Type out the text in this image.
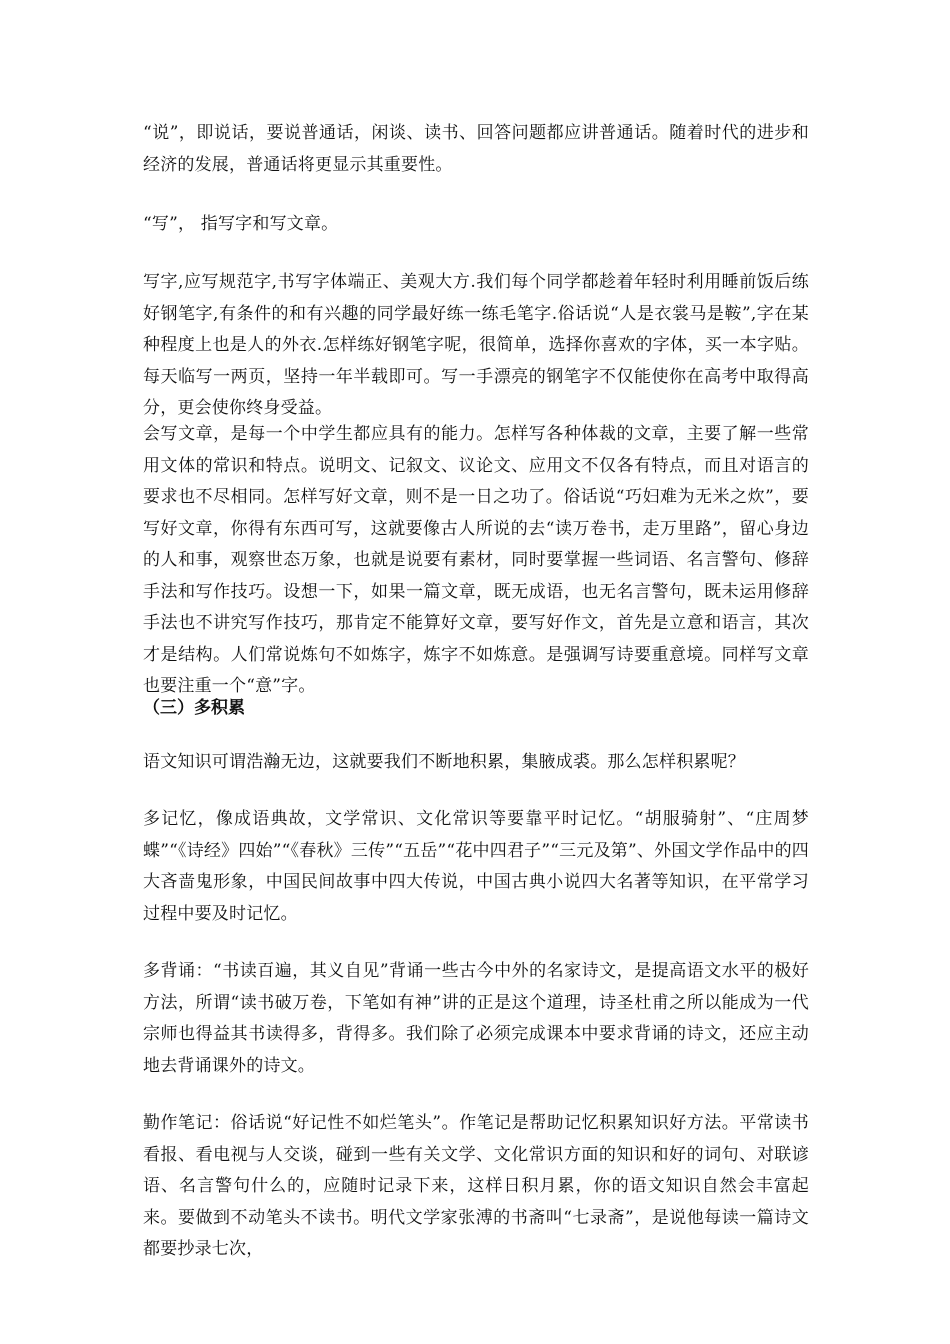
“说”，即说话，要说普通话，闲谈、读书、回答问题都应讲普通话。随着时代的进步和经济的发展，普通话将更显示其重要性。

“写”， 指写字和写文章。

写字,应写规范字,书写字体端正、美观大方.我们每个同学都趁着年轻时利用睡前饭后练好钢笔字,有条件的和有兴趣的同学最好练一练毛笔字.俗话说“人是衣裳马是鞍”,字在某种程度上也是人的外衣.怎样练好钢笔字呢，很简单，选择你喜欢的字体，买一本字贴。每天临写一两页，坚持一年半载即可。写一手漂亮的钢笔字不仅能使你在高考中取得高分，更会使你终身受益。

会写文章，是每一个中学生都应具有的能力。怎样写各种体裁的文章，主要了解一些常用文体的常识和特点。说明文、记叙文、议论文、应用文不仅各有特点，而且对语言的要求也不尽相同。怎样写好文章，则不是一日之功了。俗话说“巧妇难为无米之炊”，要写好文章，你得有东西可写，这就要像古人所说的去“读万卷书，走万里路”，留心身边的人和事，观察世态万象，也就是说要有素材，同时要掌握一些词语、名言警句、修辞手法和写作技巧。设想一下，如果一篇文章，既无成语，也无名言警句，既未运用修辞手法也不讲究写作技巧，那肯定不能算好文章，要写好作文，首先是立意和语言，其次才是结构。人们常说炼句不如炼字，炼字不如炼意。是强调写诗要重意境。同样写文章也要注重一个“意”字。

（三）多积累

语文知识可谓浩瀚无边，这就要我们不断地积累，集腋成裘。那么怎样积累呢？

多记忆，像成语典故，文学常识、文化常识等要靠平时记忆。“胡服骑射”、“庄周梦蝶”“《诗经》四始”“《春秋》三传”“五岳”“花中四君子”“三元及第”、外国文学作品中的四大吝啬鬼形象，中国民间故事中四大传说，中国古典小说四大名著等知识，在平常学习过程中要及时记忆。

多背诵：“书读百遍，其义自见”背诵一些古今中外的名家诗文，是提高语文水平的极好方法，所谓“读书破万卷，下笔如有神”讲的正是这个道理，诗圣杜甫之所以能成为一代宗师也得益其书读得多，背得多。我们除了必须完成课本中要求背诵的诗文，还应主动地去背诵课外的诗文。

勤作笔记：俗话说“好记性不如烂笔头”。作笔记是帮助记忆积累知识好方法。平常读书看报、看电视与人交谈，碰到一些有关文学、文化常识方面的知识和好的词句、对联谚语、名言警句什么的，应随时记录下来，这样日积月累，你的语文知识自然会丰富起来。要做到不动笔头不读书。明代文学家张溥的书斋叫“七录斋”，是说他每读一篇诗文都要抄录七次，
